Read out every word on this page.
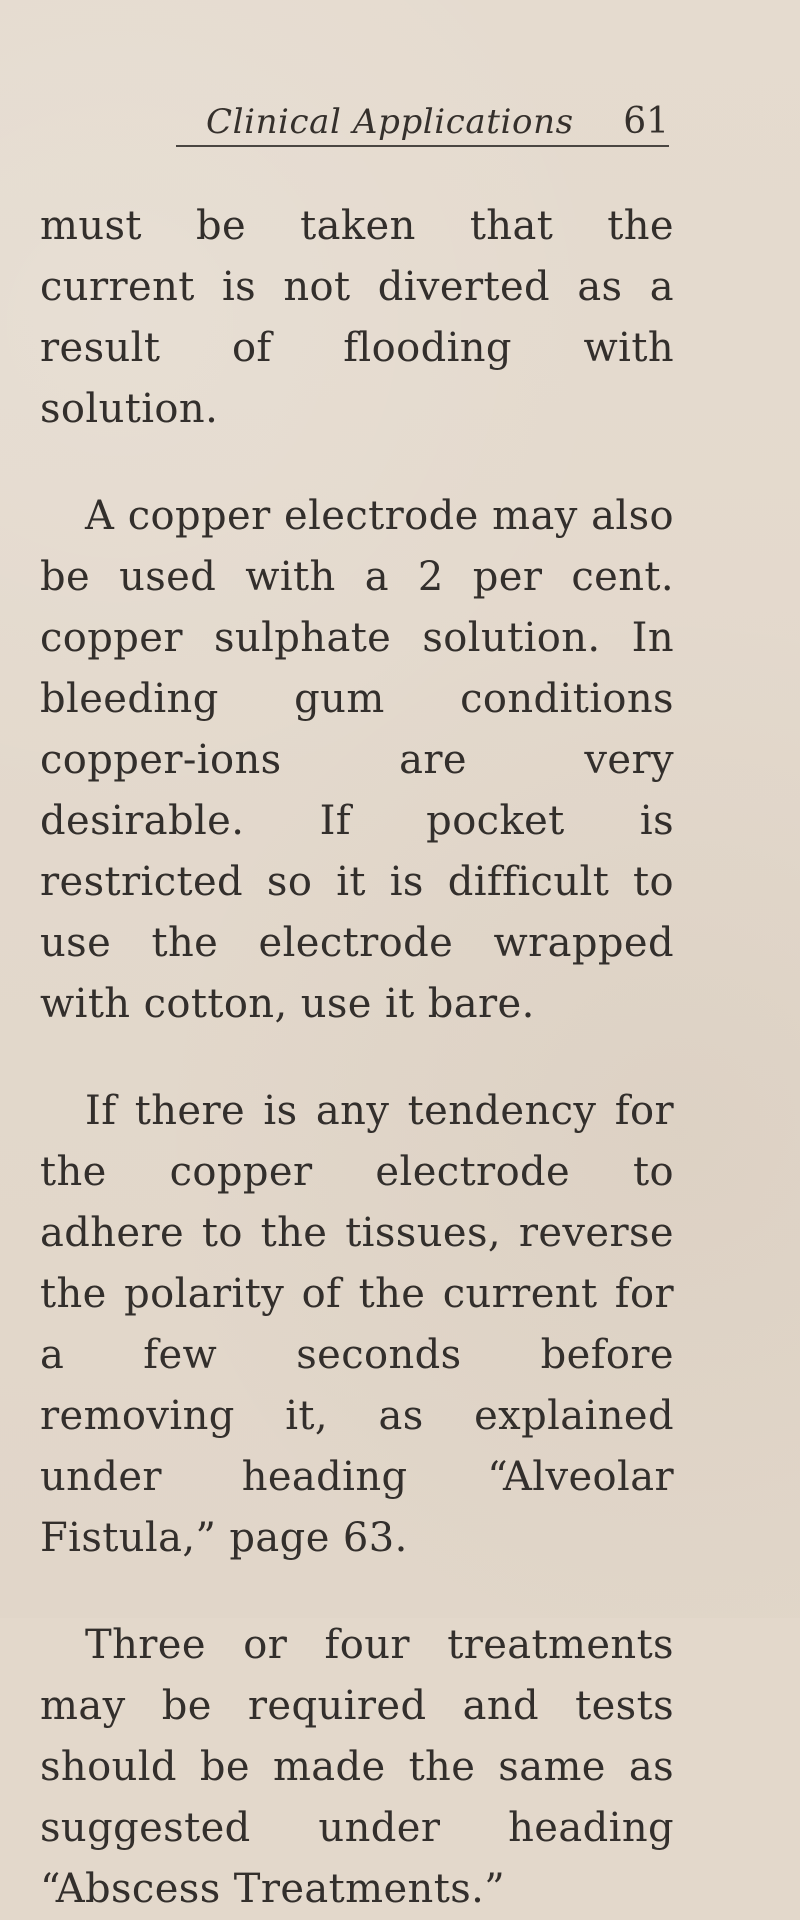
Clinical Applications 61

must be taken that the current is not diverted as a result of flooding with solution.

A copper electrode may also be used with a 2 per cent. copper sulphate solution. In bleeding gum conditions copper-ions are very desirable. If pocket is restricted so it is difficult to use the electrode wrapped with cotton, use it bare.

If there is any tendency for the copper electrode to adhere to the tissues, reverse the polarity of the current for a few seconds before removing it, as explained under heading “Alveolar Fistula,” page 63.

Three or four treatments may be required and tests should be made the same as suggested under heading “Abscess Treatments.”
